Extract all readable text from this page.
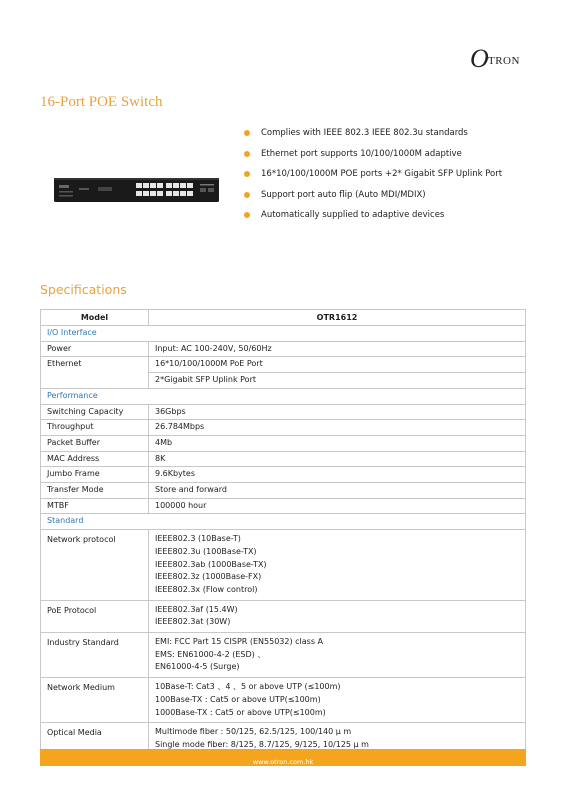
O TRON
16-Port POE Switch
Complies with IEEE 802.3 IEEE 802.3u standards
Ethernet port supports 10/100/1000M adaptive
16*10/100/1000M POE ports +2* Gigabit SFP Uplink Port
Support port auto flip (Auto MDI/MDIX)
Automatically supplied to adaptive devices
Specifications
Model	OTR1612
I/O Interface	
Power	Input: AC 100-240V, 50/60Hz
Ethernet	16*10/100/1000M PoE Port
	2*Gigabit SFP Uplink Port
Performance	
Switching Capacity	36Gbps
Throughput	26.784Mbps
Packet Buffer	4Mb
MAC Address	8K
Jumbo Frame	9.6Kbytes
Transfer Mode	Store and forward
MTBF	100000 hour
Standard	
Network protocol	IEEE802.3 (10Base-T)
IEEE802.3u (100Base-TX)
IEEE802.3ab (1000Base-TX)
IEEE802.3z (1000Base-FX)
IEEE802.3x (Flow control)

PoE Protocol	IEEE802.3af (15.4W)
IEEE802.3at (30W)

Industry Standard	EMI: FCC Part 15 CISPR (EN55032) class A
EMS: EN61000-4-2 (ESD) 、
EN61000-4-5 (Surge)

Network Medium	10Base-T: Cat3 、4 、5 or above UTP (≤100m)
100Base-TX : Cat5 or above UTP(≤100m)
1000Base-TX : Cat5 or above UTP(≤100m)

Optical Media	Multimode fiber : 50/125, 62.5/125, 100/140 μ m
Single mode fiber: 8/125, 8.7/125, 9/125, 10/125 μ m
www.otron.com.hk
